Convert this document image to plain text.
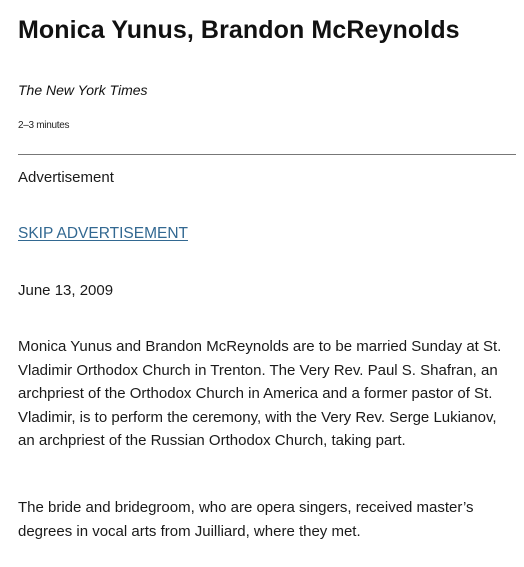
Monica Yunus, Brandon McReynolds
The New York Times
2–3 minutes
Advertisement
SKIP ADVERTISEMENT
June 13, 2009

Monica Yunus and Brandon McReynolds are to be married Sunday at St. Vladimir Orthodox Church in Trenton. The Very Rev. Paul S. Shafran, an archpriest of the Orthodox Church in America and a former pastor of St. Vladimir, is to perform the ceremony, with the Very Rev. Serge Lukianov, an archpriest of the Russian Orthodox Church, taking part.

The bride and bridegroom, who are opera singers, received master’s degrees in vocal arts from Juilliard, where they met.
